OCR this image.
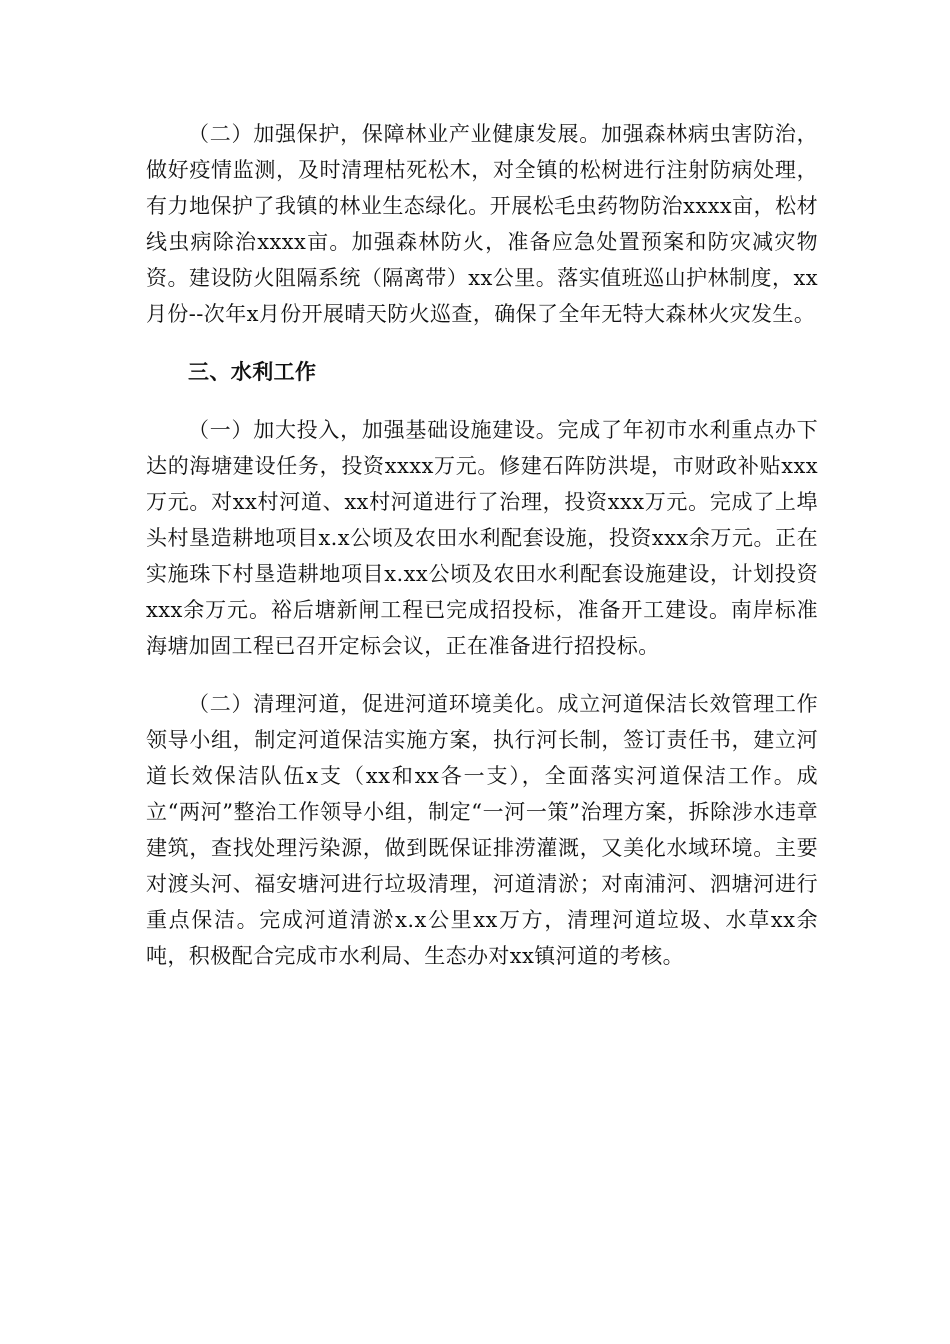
（二）加强保护，保障林业产业健康发展。加强森林病虫害防治，做好疫情监测，及时清理枯死松木，对全镇的松树进行注射防病处理，有力地保护了我镇的林业生态绿化。开展松毛虫药物防治xxxx亩，松材线虫病除治xxxx亩。加强森林防火，准备应急处置预案和防灾减灾物资。建设防火阻隔系统（隔离带）xx公里。落实值班巡山护林制度，xx月份--次年x月份开展晴天防火巡查，确保了全年无特大森林火灾发生。

三、水利工作

（一）加大投入，加强基础设施建设。完成了年初市水利重点办下达的海塘建设任务，投资xxxx万元。修建石阵防洪堤，市财政补贴xxx万元。对xx村河道、xx村河道进行了治理，投资xxx万元。完成了上埠头村垦造耕地项目x.x公顷及农田水利配套设施，投资xxx余万元。正在实施珠下村垦造耕地项目x.xx公顷及农田水利配套设施建设，计划投资xxx余万元。裕后塘新闸工程已完成招投标，准备开工建设。南岸标准海塘加固工程已召开定标会议，正在准备进行招投标。

（二）清理河道，促进河道环境美化。成立河道保洁长效管理工作领导小组，制定河道保洁实施方案，执行河长制，签订责任书，建立河道长效保洁队伍x支（xx和xx各一支），全面落实河道保洁工作。成立“两河”整治工作领导小组，制定“一河一策”治理方案，拆除涉水违章建筑，查找处理污染源，做到既保证排涝灌溉，又美化水域环境。主要对渡头河、福安塘河进行垃圾清理，河道清淤；对南浦河、泗塘河进行重点保洁。完成河道清淤x.x公里xx万方，清理河道垃圾、水草xx余吨，积极配合完成市水利局、生态办对xx镇河道的考核。
